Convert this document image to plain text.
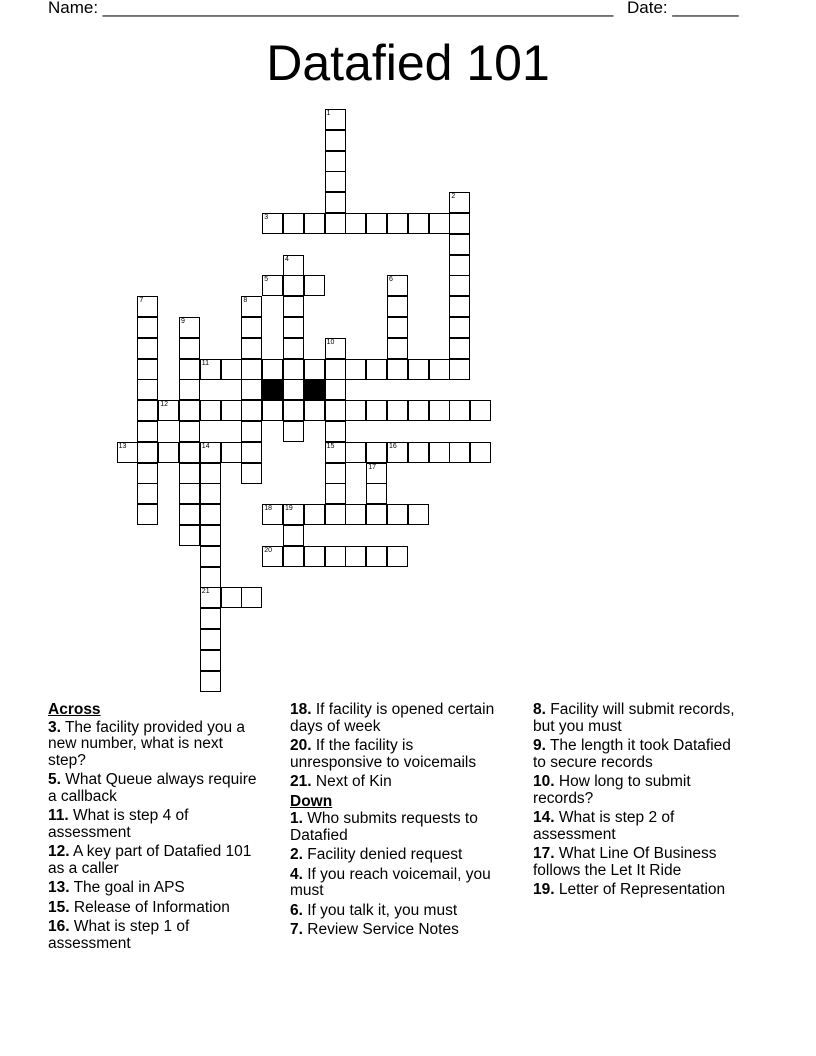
Name: ______________________________________________________ Date: _______
Datafied 101
1
2
3
4
5	6
7	8
9
10
15
11
12
13	14
21
16
17
18 19
20
Across
3. The facility provided you a new number, what is next step?
5. What Queue always require a callback
11. What is step 4 of assessment
12. A key part of Datafied 101 as a caller
13. The goal in APS
15. Release of Information
16. What is step 1 of assessment
18. If facility is opened certain days of week
20. If the facility is unresponsive to voicemails
21. Next of Kin
Down
1. Who submits requests to Datafied
2. Facility denied request
4. If you reach voicemail, you must
6. If you talk it, you must
7. Review Service Notes
8. Facility will submit records, but you must
9. The length it took Datafied to secure records
10. How long to submit records?
14. What is step 2 of assessment
17. What Line Of Business follows the Let It Ride
19. Letter of Representation
